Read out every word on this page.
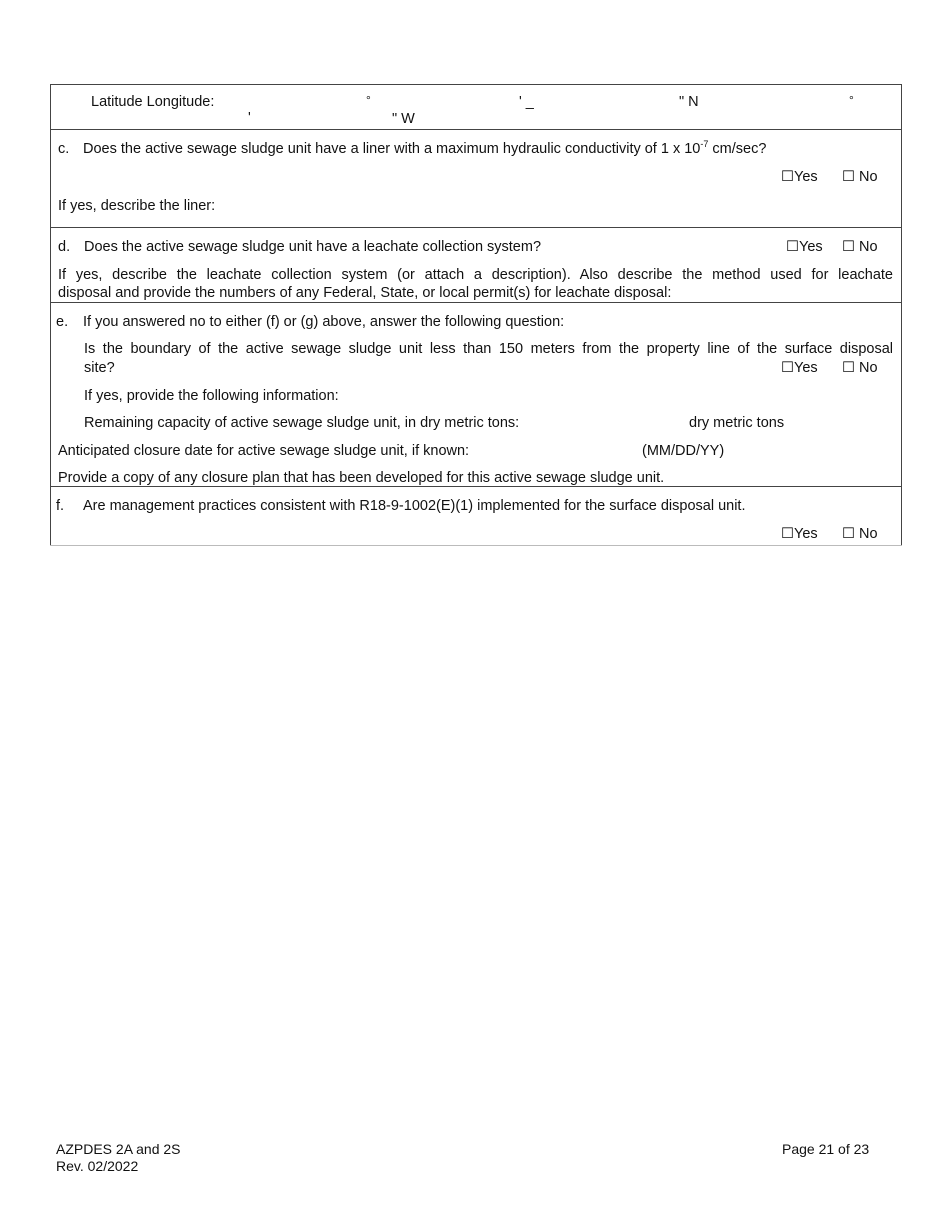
Latitude Longitude:	°	' _	" N	°
'	" W
c. Does the active sewage sludge unit have a liner with a maximum hydraulic conductivity of 1 x $10^{-7}$ cm/sec?
☐Yes ☐ No
If yes, describe the liner:
d. Does the active sewage sludge unit have a leachate collection system?	☐Yes ☐ No
If yes, describe the leachate collection system (or attach a description). Also describe the method used for leachate
disposal and provide the numbers of any Federal, State, or local permit(s) for leachate disposal:
e. If you answered no to either (f) or (g) above, answer the following question:
Is the boundary of the active sewage sludge unit less than 150 meters from the property line of the surface disposal
site?	☐Yes ☐ No
If yes, provide the following information:
Remaining capacity of active sewage sludge unit, in dry metric tons:	dry metric tons
Anticipated closure date for active sewage sludge unit, if known:	(MM/DD/YY)
Provide a copy of any closure plan that has been developed for this active sewage sludge unit.
f. Are management practices consistent with R18-9-1002(E)(1) implemented for the surface disposal unit.
☐Yes ☐ No
AZPDES 2A and 2S
Rev. 02/2022
Page 21 of 23
